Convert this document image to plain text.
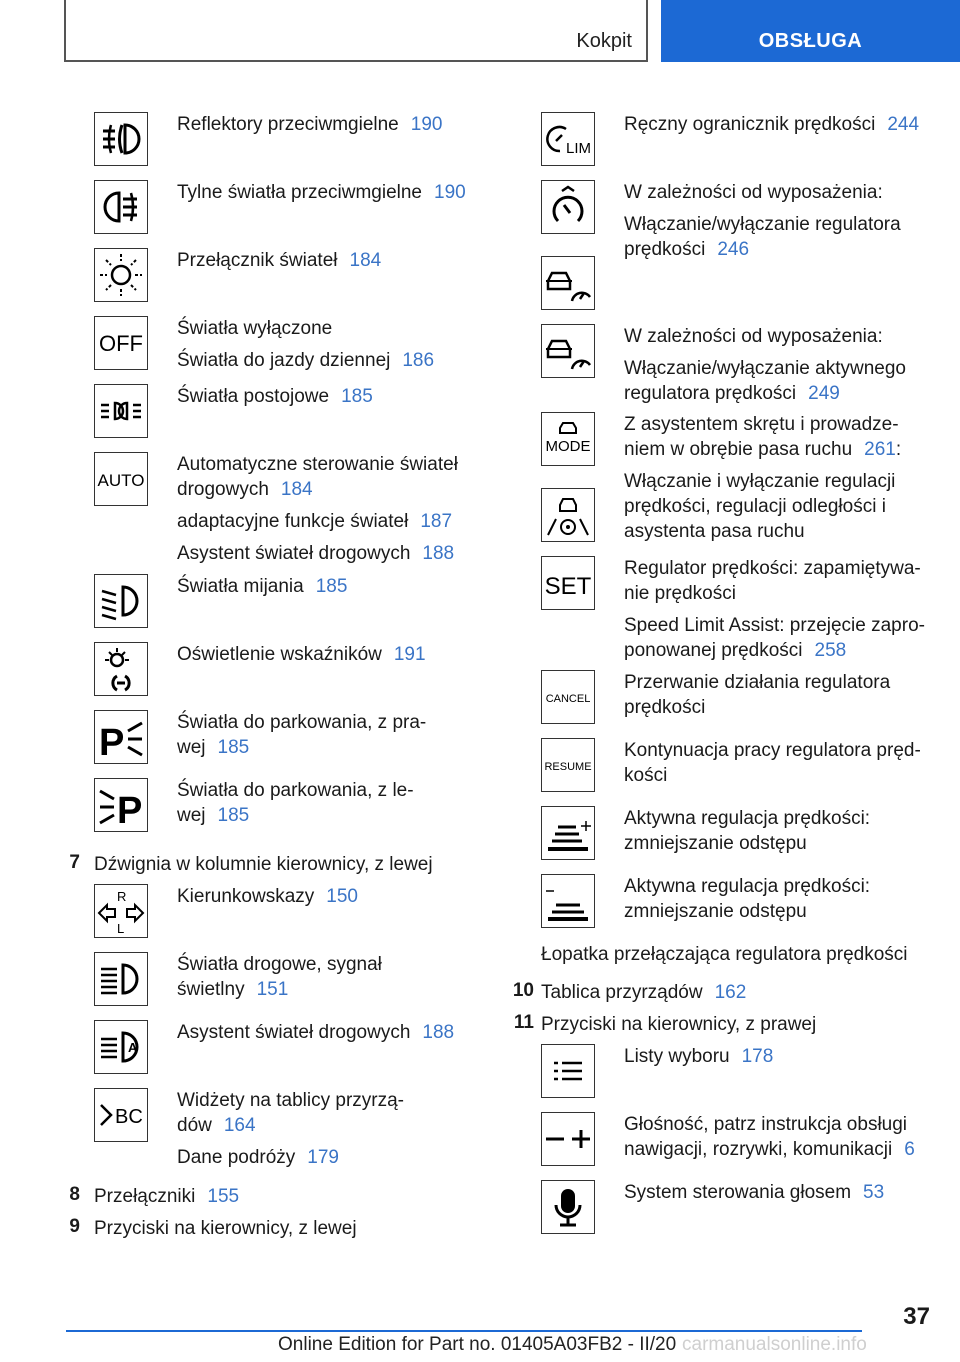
Kokpit	OBSŁUGA

Reflektory przeciwmgielne 190

Tylne światła przeciwmgielne 190

Przełącznik świateł 184

OFF

Światła wyłączone

Światła do jazdy dziennej 186

Światła postojowe 185

AUTO

Automatyczne sterowanie świateł drogowych 184

adaptacyjne funkcje świateł 187

Asystent świateł drogowych 188

Światła mijania 185

Oświetlenie wskaźników 191

P	Światła do parkowania, z pra-wej 185

P Światła do parkowania, z le-wej 185

7 Dźwignia w kolumnie kierownicy, z lewej
R
L

Kierunkowskazy 150

Światła drogowe, sygnał świetlny 151

A

Asystent świateł drogowych 188

BC

Widżety na tablicy przyrzą-dów 164

Dane podróży 179

8 Przełączniki 155
9 Przyciski na kierownicy, z lewej
LIM

Ręczny ogranicznik prędkości 244

W zależności od wyposażenia:

Włączanie/wyłączanie regulatora prędkości 246

W zależności od wyposażenia:

Włączanie/wyłączanie aktywnego regulatora prędkości 249

MODE

Z asystentem skrętu i prowadze-niem w obrębie pasa ruchu 261:

Włączanie i wyłączanie regulacji prędkości, regulacji odległości i asystenta pasa ruchu

SET

Regulator prędkości: zapamiętywa-nie prędkości

Speed Limit Assist: przejęcie zapro-ponowanej prędkości 258

CANCEL

Przerwanie działania regulatora prędkości

RESUME

Kontynuacja pracy regulatora pręd-kości

Aktywna regulacja prędkości: zmniejszanie odstępu

Aktywna regulacja prędkości: zmniejszanie odstępu

Łopatka przełączająca regulatora prędkości
10 Tablica przyrządów 162
11 Przyciski na kierownicy, z prawej

Listy wyboru 178

Głośność, patrz instrukcja obsługi nawigacji, rozrywki, komunikacji 6

System sterowania głosem 53

37
Online Edition for Part no. 01405A03FB2 - II/20 carmanualsonline.info
